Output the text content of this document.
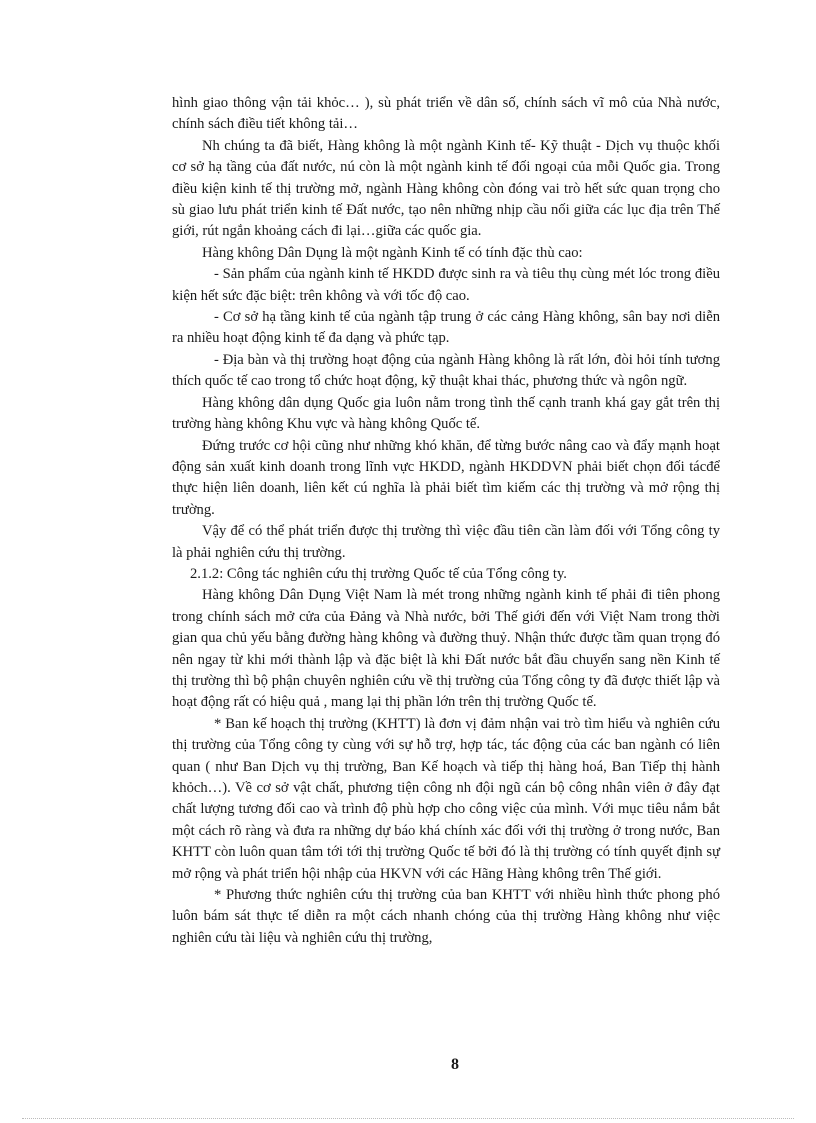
hình giao thông vận tải khỏc… ), sù phát triển về dân số, chính sách vĩ mô của Nhà nước, chính sách điều tiết không tải…

Nh chúng ta đã biết, Hàng không là một ngành Kinh tế- Kỹ thuật - Dịch vụ thuộc khối cơ sở hạ tầng của đất nước, nú còn là một ngành kinh tế đối ngoại của mỗi Quốc gia. Trong điều kiện kinh tế thị trường mở, ngành Hàng không còn đóng vai trò hết sức quan trọng cho sù giao lưu phát triển kinh tế Đất nước, tạo nên những nhịp cầu nối giữa các lục địa trên Thế giới, rút ngắn khoảng cách đi lại…giữa các quốc gia.

Hàng không Dân Dụng là một ngành Kinh tế có tính đặc thù cao:

- Sản phẩm của ngành kinh tế HKDD được sinh ra và tiêu thụ cùng mét lóc trong điều kiện hết sức đặc biệt: trên không và với tốc độ cao.

- Cơ sở hạ tầng kinh tế của ngành tập trung ở các cảng Hàng không, sân bay nơi diễn ra nhiều hoạt động kinh tế đa dạng và phức tạp.

- Địa bàn và thị trường hoạt động của ngành Hàng không là rất lớn, đòi hỏi tính tương thích quốc tế cao trong tổ chức hoạt động, kỹ thuật khai thác, phương thức và ngôn ngữ.

Hàng không dân dụng Quốc gia luôn nằm trong tình thế cạnh tranh khá gay gắt trên thị trường hàng không Khu vực và hàng không Quốc tế.

Đứng trước cơ hội cũng như những khó khăn, để từng bước nâng cao và đẩy mạnh hoạt động sản xuất kinh doanh trong lĩnh vực HKDD, ngành HKDDVN phải biết chọn đối tácđể thực hiện liên doanh, liên kết cú nghĩa là phải biết tìm kiếm các thị trường và mở rộng thị trường.

Vậy để có thể phát triển được thị trường thì việc đầu tiên cần làm đối với Tổng công ty là phải nghiên cứu thị trường.

2.1.2: Công tác nghiên cứu thị trường Quốc tế của Tổng công ty.

Hàng không Dân Dụng Việt Nam là mét trong những ngành kinh tế phải đi tiên phong trong chính sách mở cửa của Đảng và Nhà nước, bởi Thế giới đến với Việt Nam trong thời gian qua chủ yếu bằng đường hàng không và đường thuỷ. Nhận thức được tầm quan trọng đó nên ngay từ khi mới thành lập và đặc biệt là khi Đất nước bắt đầu chuyển sang nền Kinh tế thị trường thì bộ phận chuyên nghiên cứu về thị trường của Tổng công ty đã được thiết lập và hoạt động rất có hiệu quả , mang lại thị phần lớn trên thị trường Quốc tế.

* Ban kế hoạch thị trường (KHTT) là đơn vị đảm nhận vai trò tìm hiểu và nghiên cứu thị trường của Tổng công ty cùng với sự hỗ trợ, hợp tác, tác động của các ban ngành có liên quan ( như Ban Dịch vụ thị trường, Ban Kế hoạch và tiếp thị hàng hoá, Ban Tiếp thị hành khỏch…). Về cơ sở vật chất, phương tiện công nh đội ngũ cán bộ công nhân viên ở đây đạt chất lượng tương đối cao và trình độ phù hợp cho công việc của mình. Với mục tiêu nắm bắt một cách rõ ràng và đưa ra những dự báo khá chính xác đối với thị trường ở trong nước, Ban KHTT còn luôn quan tâm tới tới thị trường Quốc tế bởi đó là thị trường có tính quyết định sự mở rộng và phát triển hội nhập của HKVN với các Hãng Hàng không trên Thế giới.

* Phương thức nghiên cứu thị trường của ban KHTT với nhiều hình thức phong phó luôn bám sát thực tế diễn ra một cách nhanh chóng của thị trường Hàng không như việc nghiên cứu tài liệu và nghiên cứu thị trường,

8
